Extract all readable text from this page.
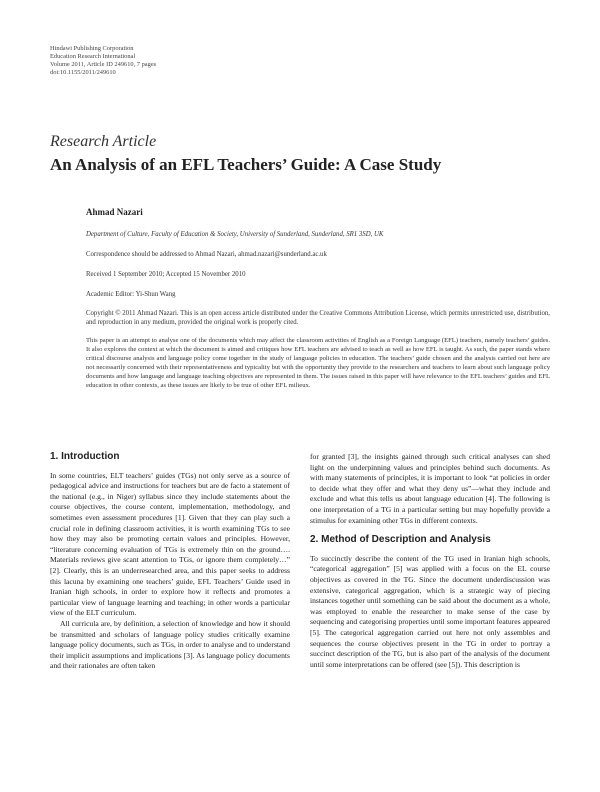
Hindawi Publishing Corporation
Education Research International
Volume 2011, Article ID 249610, 7 pages
doi:10.1155/2011/249610
Research Article
An Analysis of an EFL Teachers’ Guide: A Case Study
Ahmad Nazari
Department of Culture, Faculty of Education & Society, University of Sunderland, Sunderland, SR1 3SD, UK
Correspondence should be addressed to Ahmad Nazari, ahmad.nazari@sunderland.ac.uk
Received 1 September 2010; Accepted 15 November 2010
Academic Editor: Yi-Shun Wang
Copyright © 2011 Ahmad Nazari. This is an open access article distributed under the Creative Commons Attribution License, which permits unrestricted use, distribution, and reproduction in any medium, provided the original work is properly cited.
This paper is an attempt to analyse one of the documents which may affect the classroom activities of English as a Foreign Language (EFL) teachers, namely teachers’ guides. It also explores the context at which the document is aimed and critiques how EFL teachers are advised to teach as well as how EFL is taught. As such, the paper stands where critical discourse analysis and language policy come together in the study of language policies in education. The teachers’ guide chosen and the analysis carried out here are not necessarily concerned with their representativeness and typicality but with the opportunity they provide to the researchers and teachers to learn about such language policy documents and how language and language teaching objectives are represented in them. The issues raised in this paper will have relevance to the EFL teachers’ guides and EFL education in other contexts, as these issues are likely to be true of other EFL milieux.
1. Introduction

In some countries, ELT teachers’ guides (TGs) not only serve as a source of pedagogical advice and instructions for teachers but are de facto a statement of the national (e.g., in Niger) syllabus since they include statements about the course objectives, the course content, implementation, methodology, and sometimes even assessment procedures [1]. Given that they can play such a crucial role in defining classroom activities, it is worth examining TGs to see how they may also be promoting certain values and principles. However, “literature concerning evaluation of TGs is extremely thin on the ground…. Materials reviews give scant attention to TGs, or ignore them completely…” [2]. Clearly, this is an underresearched area, and this paper seeks to address this lacuna by examining one teachers’ guide, EFL Teachers’ Guide used in Iranian high schools, in order to explore how it reflects and promotes a particular view of language learning and teaching; in other words a particular view of the ELT curriculum.

All curricula are, by definition, a selection of knowledge and how it should be transmitted and scholars of language policy studies critically examine language policy documents, such as TGs, in order to analyse and to understand their implicit assumptions and implications [3]. As language policy documents and their rationales are often taken

for granted [3], the insights gained through such critical analyses can shed light on the underpinning values and principles behind such documents. As with many statements of principles, it is important to look “at policies in order to decide what they offer and what they deny us”—what they include and exclude and what this tells us about language education [4]. The following is one interpretation of a TG in a particular setting but may hopefully provide a stimulus for examining other TGs in different contexts.

2. Method of Description and Analysis

To succinctly describe the content of the TG used in Iranian high schools, “categorical aggregation” [5] was applied with a focus on the EL course objectives as covered in the TG. Since the document underdiscussion was extensive, categorical aggregation, which is a strategic way of piecing instances together until something can be said about the document as a whole, was employed to enable the researcher to make sense of the case by sequencing and categorising properties until some important features appeared [5]. The categorical aggregation carried out here not only assembles and sequences the course objectives present in the TG in order to portray a succinct description of the TG, but is also part of the analysis of the document until some interpretations can be offered (see [5]). This description is
